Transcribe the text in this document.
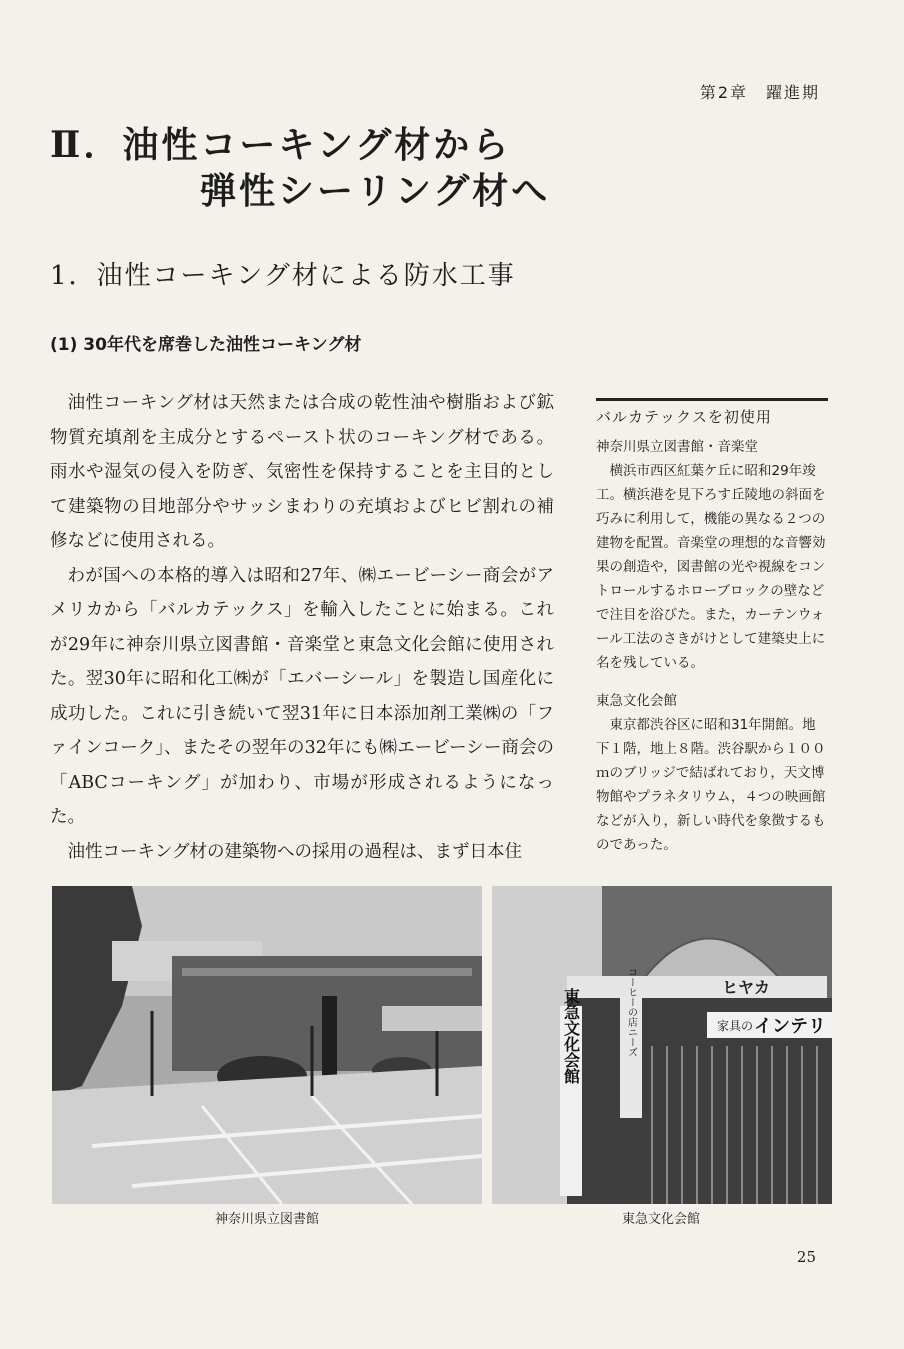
第2章　躍進期
Ⅱ．油性コーキング材から
弾性シーリング材へ
1．油性コーキング材による防水工事
(1) 30年代を席巻した油性コーキング材

油性コーキング材は天然または合成の乾性油や樹脂および鉱物質充填剤を主成分とするペースト状のコーキング材である。雨水や湿気の侵入を防ぎ、気密性を保持することを主目的として建築物の目地部分やサッシまわりの充填およびヒビ割れの補修などに使用される。

わが国への本格的導入は昭和27年、㈱エービーシー商会がアメリカから「バルカテックス」を輸入したことに始まる。これが29年に神奈川県立図書館・音楽堂と東急文化会館に使用された。翌30年に昭和化工㈱が「エバーシール」を製造し国産化に成功した。これに引き続いて翌31年に日本添加剤工業㈱の「ファインコーク」、またその翌年の32年にも㈱エービーシー商会の「ABCコーキング」が加わり、市場が形成されるようになった。

油性コーキング材の建築物への採用の過程は、まず日本住

バルカテックスを初使用
神奈川県立図書館・音楽堂
横浜市西区紅葉ケ丘に昭和29年竣工。横浜港を見下ろす丘陵地の斜面を巧みに利用して，機能の異なる２つの建物を配置。音楽堂の理想的な音響効果の創造や，図書館の光や視線をコントロールするホローブロックの壁などで注目を浴びた。また，カーテンウォール工法のさきがけとして建築史上に名を残している。
東急文化会館
東京都渋谷区に昭和31年開館。地下１階，地上８階。渋谷駅から１００ｍのブリッジで結ばれており，天文博物館やプラネタリウム，４つの映画館などが入り，新しい時代を象徴するものであった。
ヒヤカ
東急文化会館	コーヒーの店ニーズ	家具の インテリ
神奈川県立図書館	東急文化会館
25
